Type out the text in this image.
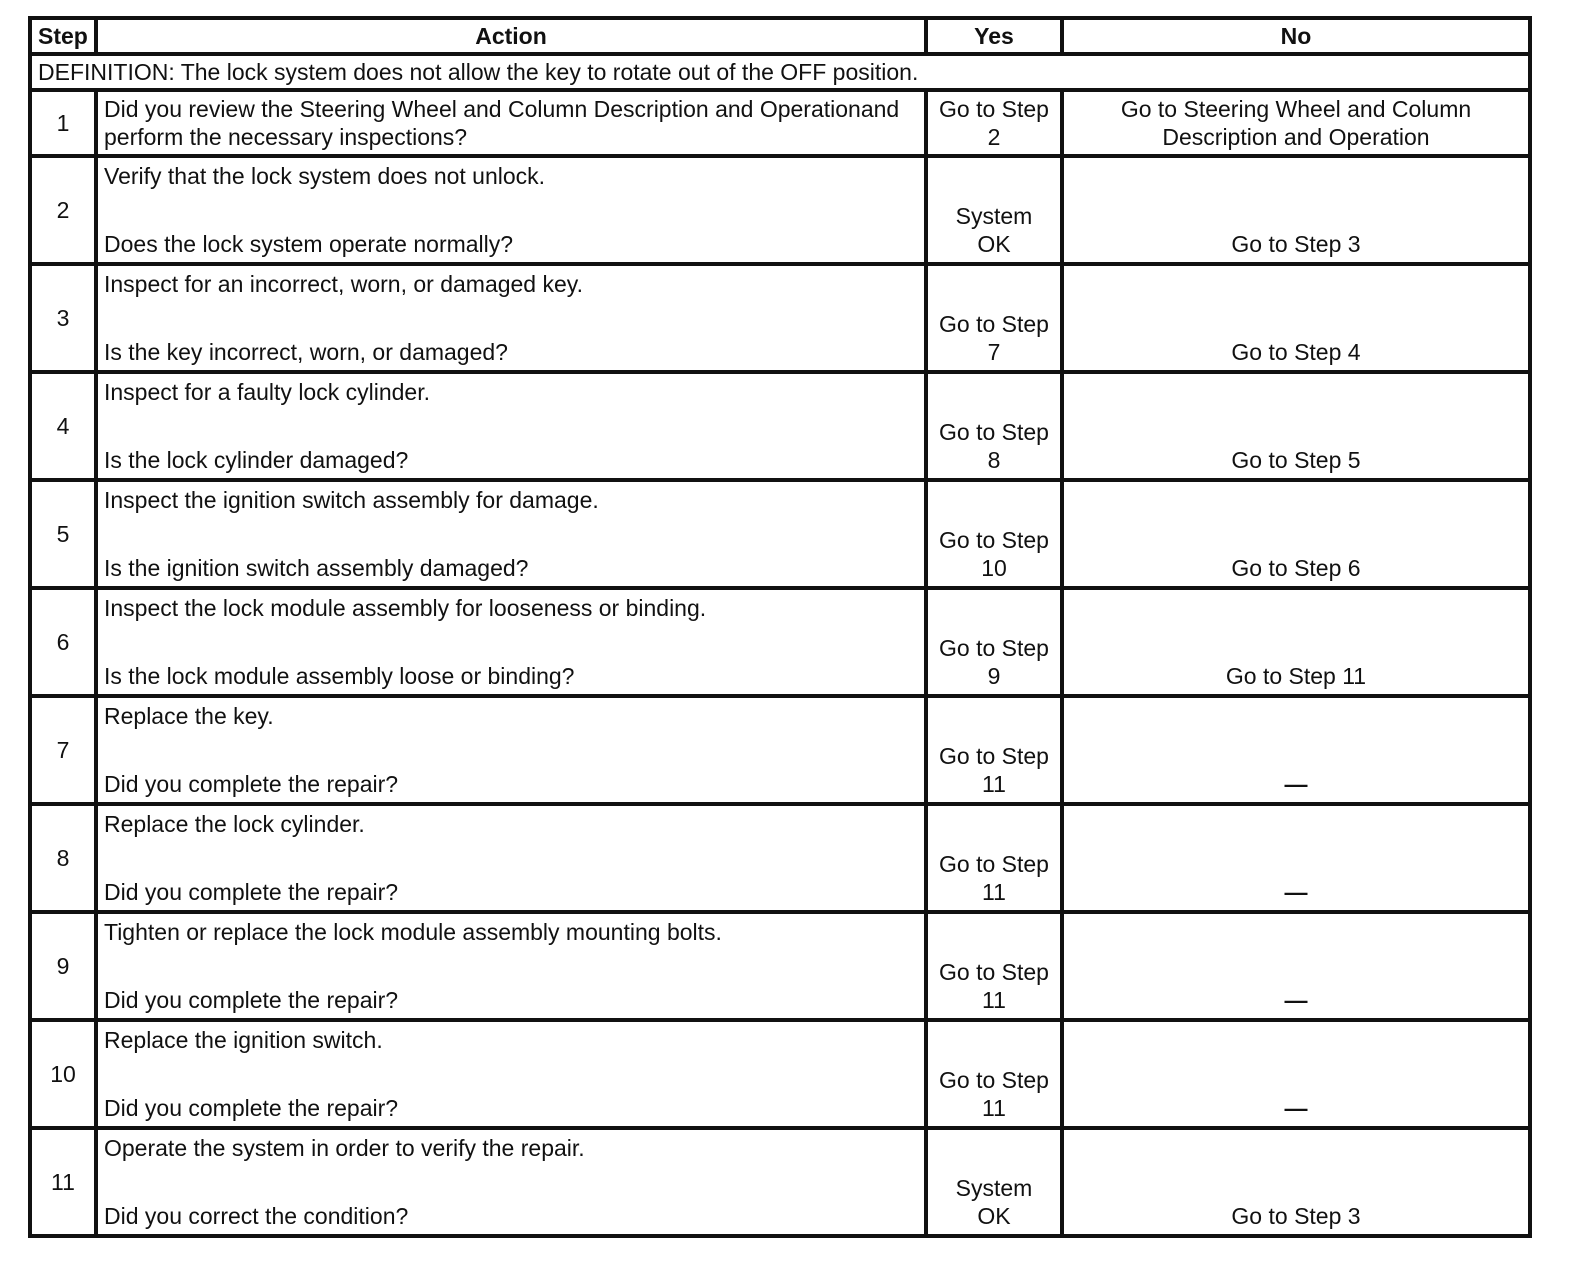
Step	Action	Yes	No
DEFINITION: The lock system does not allow the key to rotate out of the OFF position.			
1	Did you review the Steering Wheel and Column Description and Operationand perform the necessary inspections?	Go to Step
2	Go to Steering Wheel and Column
Description and Operation

2	Verify that the lock system does not unlock.
Does the lock system operate normally?	System
OK	Go to Step 3

3	Inspect for an incorrect, worn, or damaged key.
Is the key incorrect, worn, or damaged?	Go to Step
7	Go to Step 4

4	Inspect for a faulty lock cylinder.
Is the lock cylinder damaged?	Go to Step
8	Go to Step 5

5	Inspect the ignition switch assembly for damage.
Is the ignition switch assembly damaged?	Go to Step
10	Go to Step 6

6	Inspect the lock module assembly for looseness or binding.
Is the lock module assembly loose or binding?	Go to Step
9	Go to Step 11

7	Replace the key.
Did you complete the repair?	Go to Step
11	—

8	Replace the lock cylinder.
Did you complete the repair?	Go to Step
11	—

9	Tighten or replace the lock module assembly mounting bolts.
Did you complete the repair?	Go to Step
11	—

10	Replace the ignition switch.
Did you complete the repair?	Go to Step
11	—

11	Operate the system in order to verify the repair.
Did you correct the condition?	System
OK	Go to Step 3
